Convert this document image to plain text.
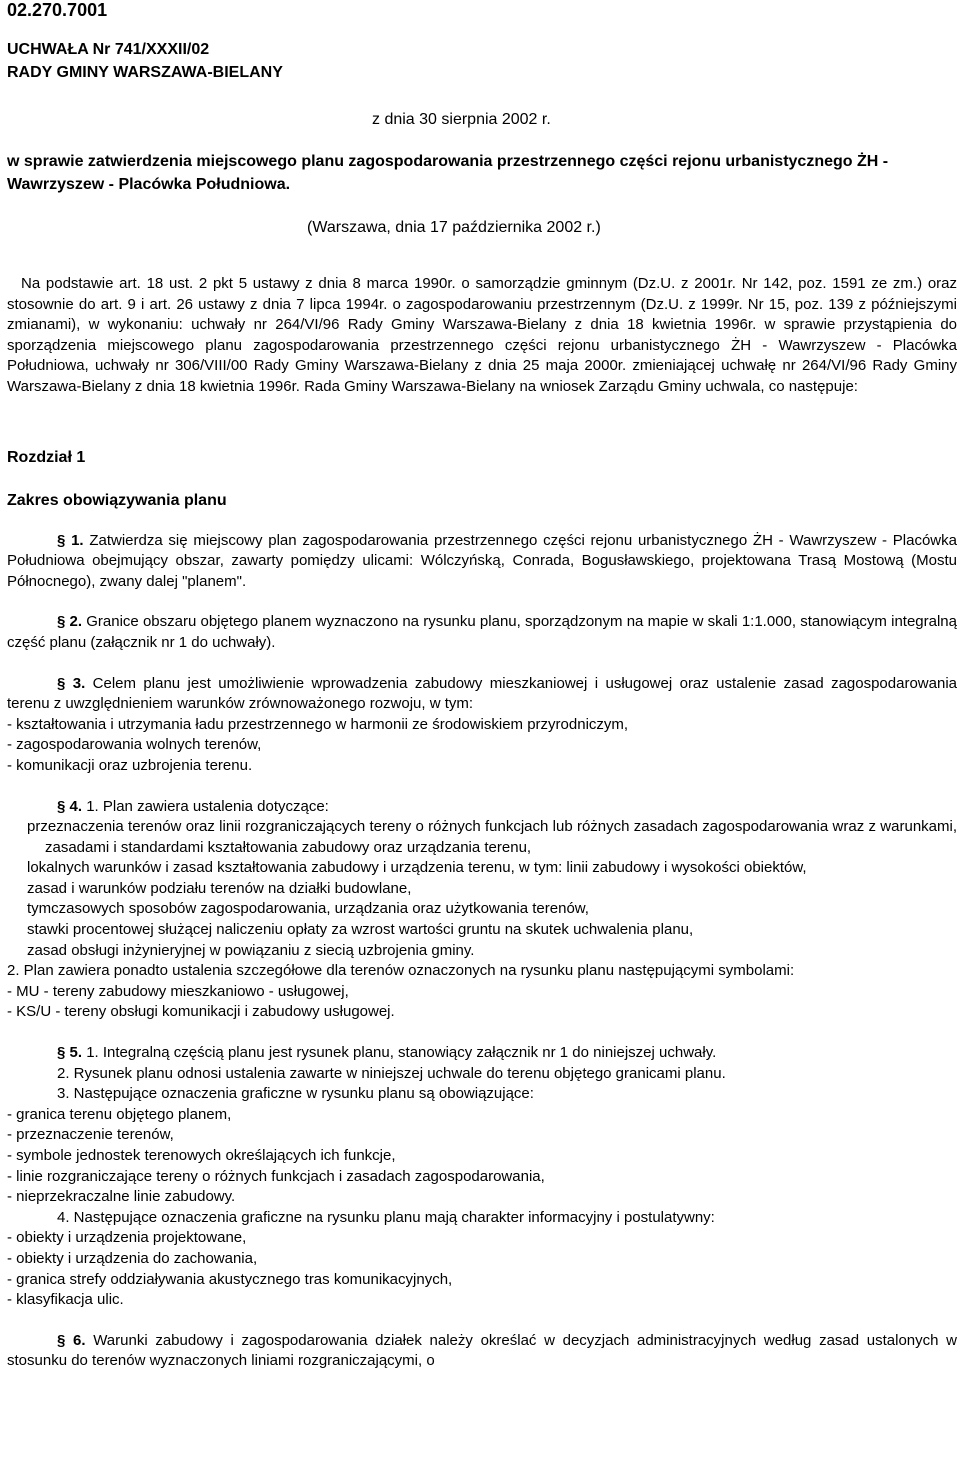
02.270.7001
UCHWAŁA Nr 741/XXXII/02
RADY GMINY WARSZAWA-BIELANY
z dnia 30 sierpnia 2002 r.
w sprawie zatwierdzenia miejscowego planu zagospodarowania przestrzennego części rejonu urbanistycznego ŻH - Wawrzyszew - Placówka Południowa.
(Warszawa, dnia 17 października 2002 r.)
Na podstawie art. 18 ust. 2 pkt 5 ustawy z dnia 8 marca 1990r. o samorządzie gminnym (Dz.U. z 2001r. Nr 142, poz. 1591 ze zm.) oraz stosownie do art. 9 i art. 26 ustawy z dnia 7 lipca 1994r. o zagospodarowaniu przestrzennym (Dz.U. z 1999r. Nr 15, poz. 139 z późniejszymi zmianami), w wykonaniu: uchwały nr 264/VI/96 Rady Gminy Warszawa-Bielany z dnia 18 kwietnia 1996r. w sprawie przystąpienia do sporządzenia miejscowego planu zagospodarowania przestrzennego części rejonu urbanistycznego ŻH - Wawrzyszew - Placówka Południowa, uchwały nr 306/VIII/00 Rady Gminy Warszawa-Bielany z dnia 25 maja 2000r. zmieniającej uchwałę nr 264/VI/96 Rady Gminy Warszawa-Bielany z dnia 18 kwietnia 1996r. Rada Gminy Warszawa-Bielany na wniosek Zarządu Gminy uchwala, co następuje:
Rozdział 1
Zakres obowiązywania planu
§ 1. Zatwierdza się miejscowy plan zagospodarowania przestrzennego części rejonu urbanistycznego ŻH - Wawrzyszew - Placówka Południowa obejmujący obszar, zawarty pomiędzy ulicami: Wólczyńską, Conrada, Bogusławskiego, projektowana Trasą Mostową (Mostu Północnego), zwany dalej "planem".
§ 2. Granice obszaru objętego planem wyznaczono na rysunku planu, sporządzonym na mapie w skali 1:1.000, stanowiącym integralną część planu (załącznik nr 1 do uchwały).
§ 3. Celem planu jest umożliwienie wprowadzenia zabudowy mieszkaniowej i usługowej oraz ustalenie zasad zagospodarowania terenu z uwzględnieniem warunków zrównoważonego rozwoju, w tym:
- kształtowania i utrzymania ładu przestrzennego w harmonii ze środowiskiem przyrodniczym,
- zagospodarowania wolnych terenów,
- komunikacji oraz uzbrojenia terenu.
§ 4. 1. Plan zawiera ustalenia dotyczące:
przeznaczenia terenów oraz linii rozgraniczających tereny o różnych funkcjach lub różnych zasadach zagospodarowania wraz z warunkami, zasadami i standardami kształtowania zabudowy oraz urządzania terenu,
lokalnych warunków i zasad kształtowania zabudowy i urządzenia terenu, w tym: linii zabudowy i wysokości obiektów,
zasad i warunków podziału terenów na działki budowlane,
tymczasowych sposobów zagospodarowania, urządzania oraz użytkowania terenów,
stawki procentowej służącej naliczeniu opłaty za wzrost wartości gruntu na skutek uchwalenia planu,
zasad obsługi inżynieryjnej w powiązaniu z siecią uzbrojenia gminy.
2. Plan zawiera ponadto ustalenia szczegółowe dla terenów oznaczonych na rysunku planu następującymi symbolami:
- MU - tereny zabudowy mieszkaniowo - usługowej,
- KS/U - tereny obsługi komunikacji i zabudowy usługowej.
§ 5. 1. Integralną częścią planu jest rysunek planu, stanowiący załącznik nr 1 do niniejszej uchwały.
2. Rysunek planu odnosi ustalenia zawarte w niniejszej uchwale do terenu objętego granicami planu.
3. Następujące oznaczenia graficzne w rysunku planu są obowiązujące:
- granica terenu objętego planem,
- przeznaczenie terenów,
- symbole jednostek terenowych określających ich funkcje,
- linie rozgraniczające tereny o różnych funkcjach i zasadach zagospodarowania,
- nieprzekraczalne linie zabudowy.
4. Następujące oznaczenia graficzne na rysunku planu mają charakter informacyjny i postulatywny:
- obiekty i urządzenia projektowane,
- obiekty i urządzenia do zachowania,
- granica strefy oddziaływania akustycznego tras komunikacyjnych,
- klasyfikacja ulic.
§ 6. Warunki zabudowy i zagospodarowania działek należy określać w decyzjach administracyjnych według zasad ustalonych w stosunku do terenów wyznaczonych liniami rozgraniczającymi, o
